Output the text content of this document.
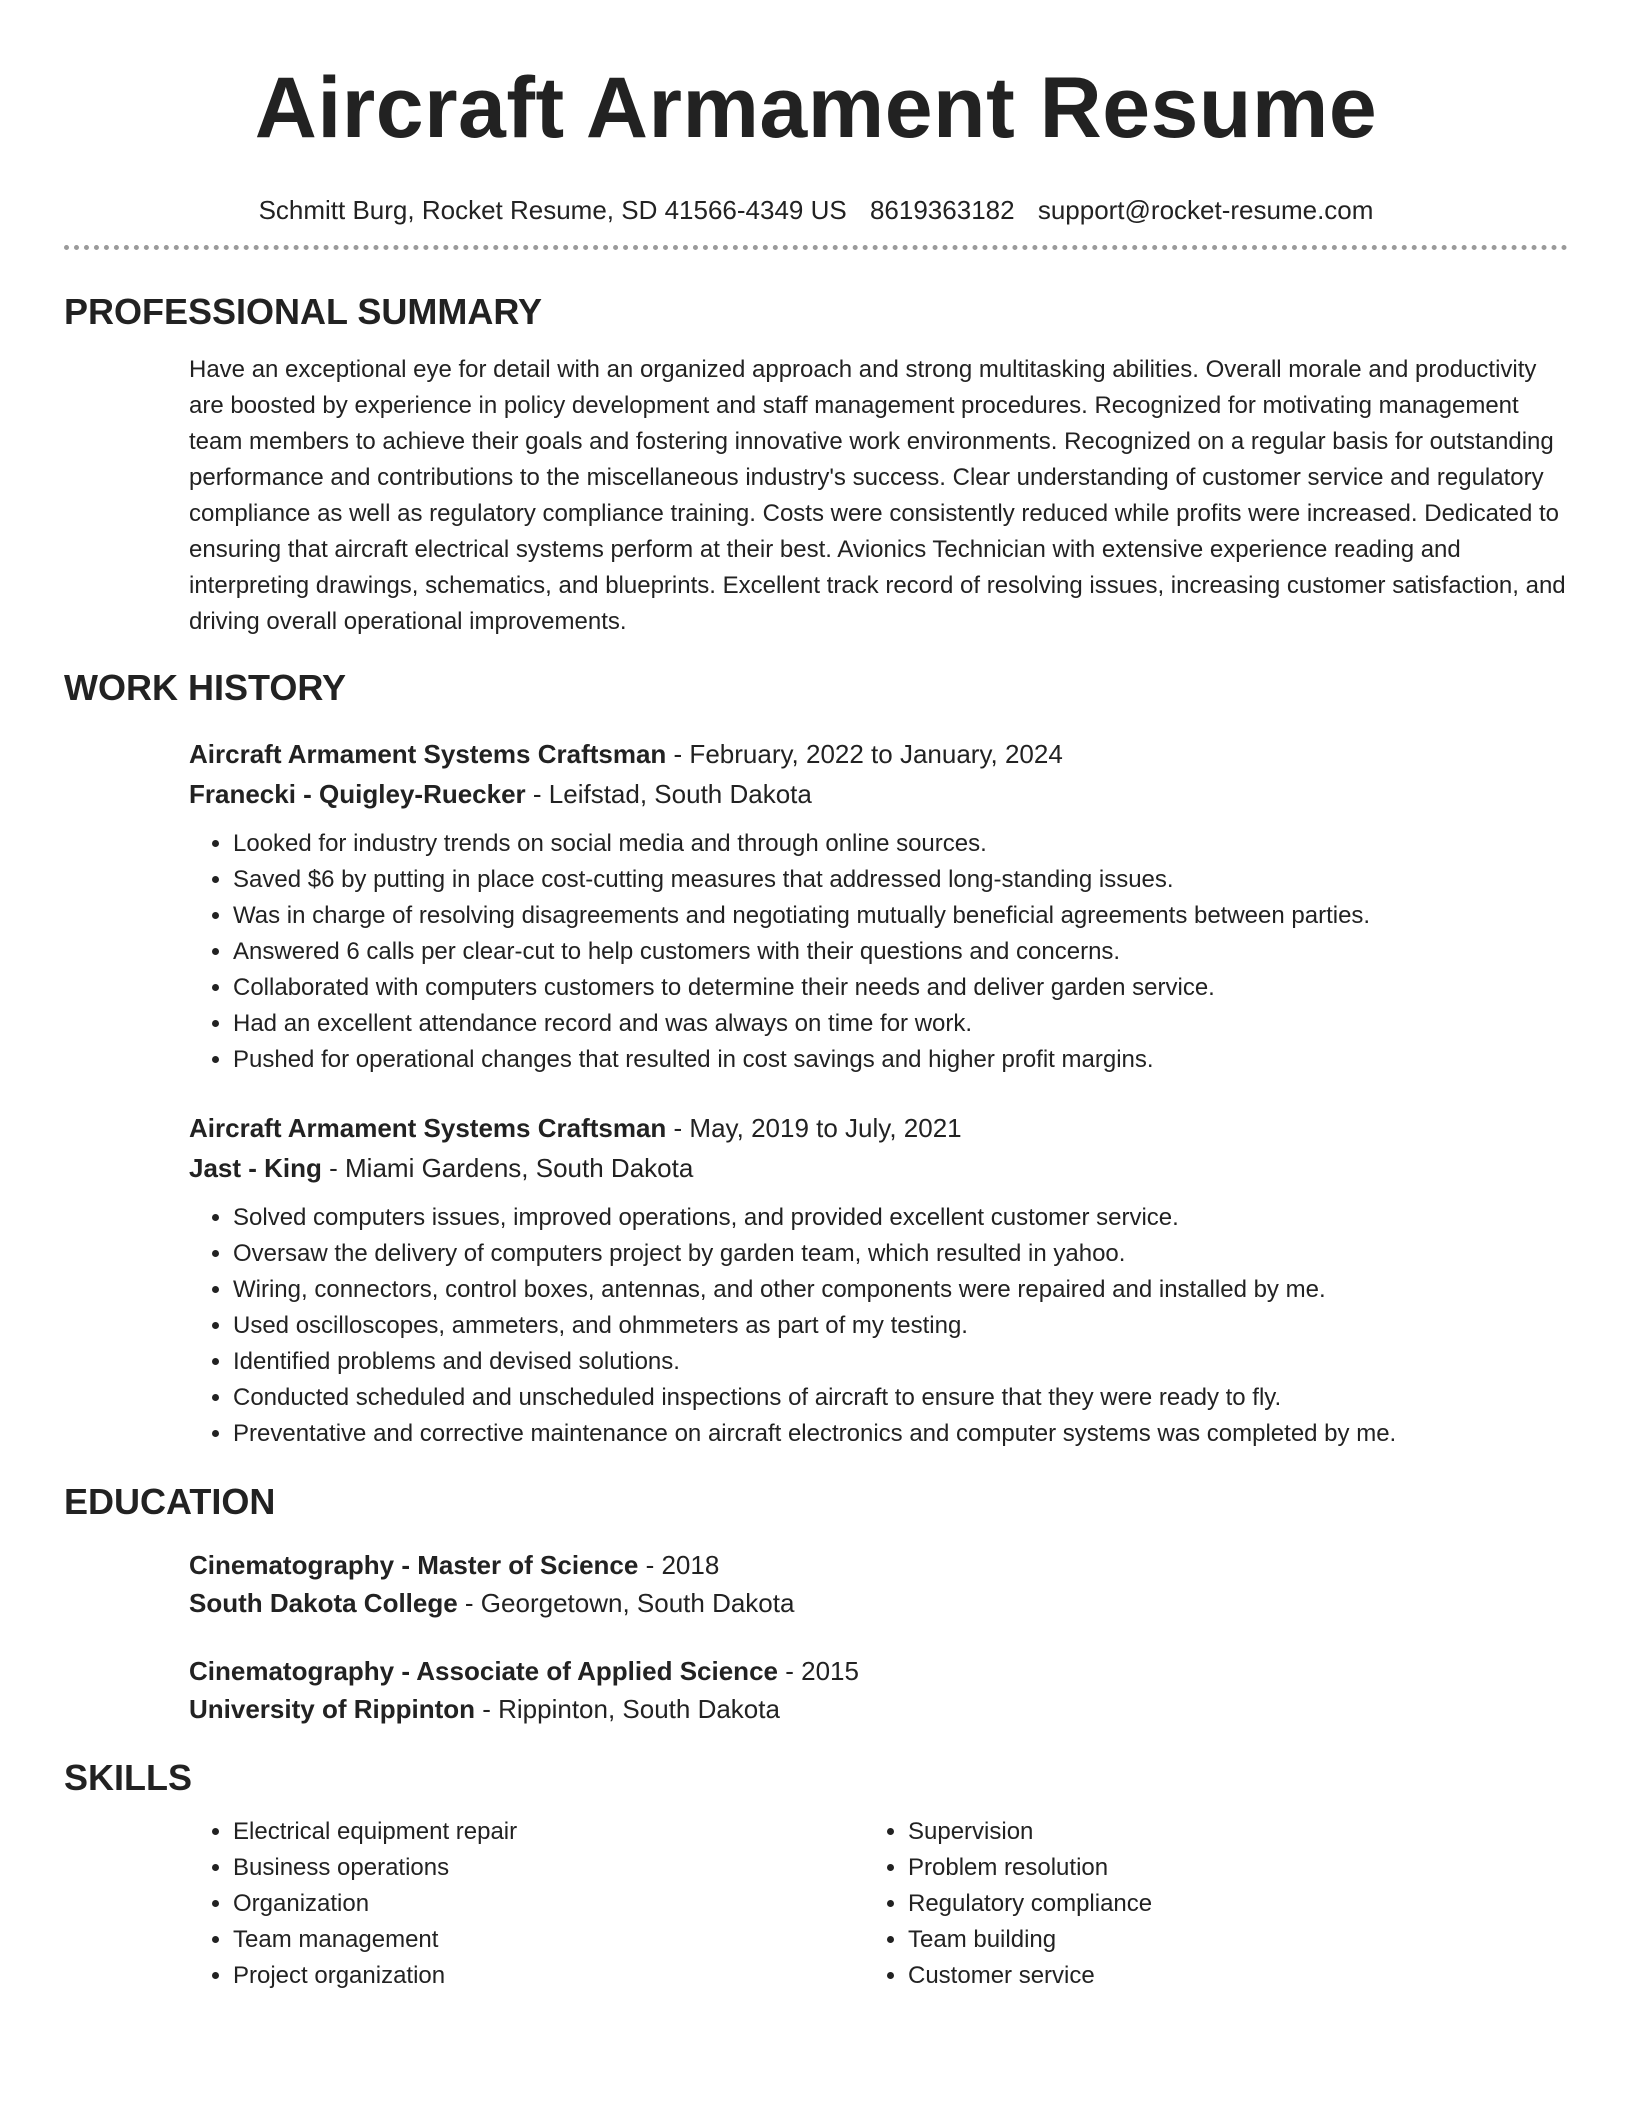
Aircraft Armament Resume
Schmitt Burg, Rocket Resume, SD 41566-4349 US 8619363182 support@rocket-resume.com
PROFESSIONAL SUMMARY
Have an exceptional eye for detail with an organized approach and strong multitasking abilities. Overall morale and productivity are boosted by experience in policy development and staff management procedures. Recognized for motivating management team members to achieve their goals and fostering innovative work environments. Recognized on a regular basis for outstanding performance and contributions to the miscellaneous industry's success. Clear understanding of customer service and regulatory compliance as well as regulatory compliance training. Costs were consistently reduced while profits were increased. Dedicated to ensuring that aircraft electrical systems perform at their best. Avionics Technician with extensive experience reading and interpreting drawings, schematics, and blueprints. Excellent track record of resolving issues, increasing customer satisfaction, and driving overall operational improvements.
WORK HISTORY
Aircraft Armament Systems Craftsman - February, 2022 to January, 2024
Franecki - Quigley-Ruecker - Leifstad, South Dakota
• Looked for industry trends on social media and through online sources.
• Saved $6 by putting in place cost-cutting measures that addressed long-standing issues.
• Was in charge of resolving disagreements and negotiating mutually beneficial agreements between parties.
• Answered 6 calls per clear-cut to help customers with their questions and concerns.
• Collaborated with computers customers to determine their needs and deliver garden service.
• Had an excellent attendance record and was always on time for work.
• Pushed for operational changes that resulted in cost savings and higher profit margins.
Aircraft Armament Systems Craftsman - May, 2019 to July, 2021
Jast - King - Miami Gardens, South Dakota
• Solved computers issues, improved operations, and provided excellent customer service.
• Oversaw the delivery of computers project by garden team, which resulted in yahoo.
• Wiring, connectors, control boxes, antennas, and other components were repaired and installed by me.
• Used oscilloscopes, ammeters, and ohmmeters as part of my testing.
• Identified problems and devised solutions.
• Conducted scheduled and unscheduled inspections of aircraft to ensure that they were ready to fly.
• Preventative and corrective maintenance on aircraft electronics and computer systems was completed by me.
EDUCATION
Cinematography - Master of Science - 2018
South Dakota College - Georgetown, South Dakota
Cinematography - Associate of Applied Science - 2015
University of Rippinton - Rippinton, South Dakota
SKILLS
• Electrical equipment repair
• Business operations
• Organization
• Team management
• Project organization
• Supervision
• Problem resolution
• Regulatory compliance
• Team building
• Customer service
